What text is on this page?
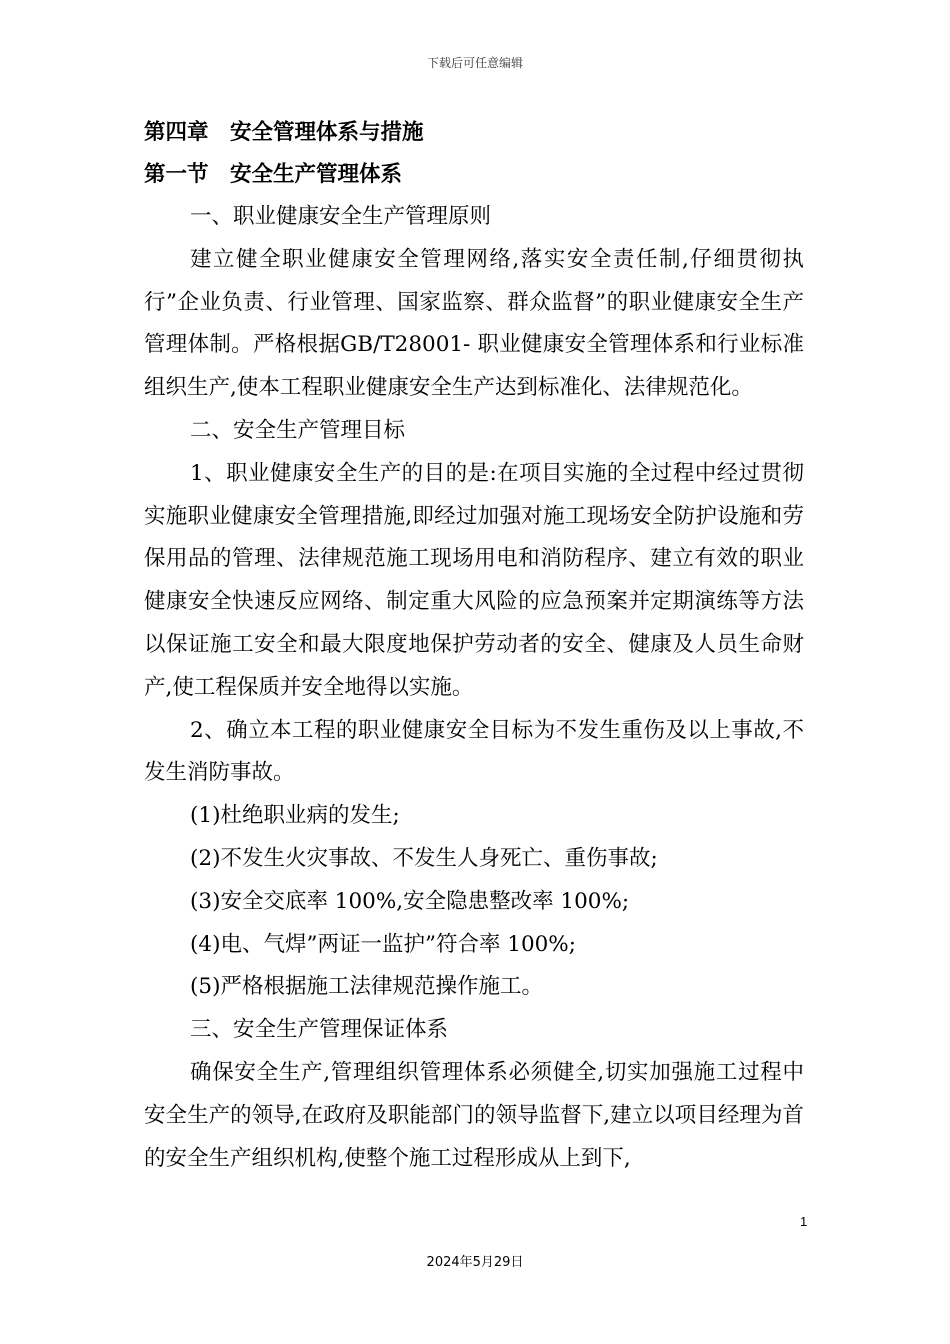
下载后可任意编辑
第四章　安全管理体系与措施
第一节　安全生产管理体系

一、职业健康安全生产管理原则

建立健全职业健康安全管理网络,落实安全责任制,仔细贯彻执行”企业负责、行业管理、国家监察、群众监督”的职业健康安全生产管理体制。严格根据GB/T28001- 职业健康安全管理体系和行业标准组织生产,使本工程职业健康安全生产达到标准化、法律规范化。

二、安全生产管理目标

1、职业健康安全生产的目的是:在项目实施的全过程中经过贯彻实施职业健康安全管理措施,即经过加强对施工现场安全防护设施和劳保用品的管理、法律规范施工现场用电和消防程序、建立有效的职业健康安全快速反应网络、制定重大风险的应急预案并定期演练等方法以保证施工安全和最大限度地保护劳动者的安全、健康及人员生命财产,使工程保质并安全地得以实施。

2、确立本工程的职业健康安全目标为不发生重伤及以上事故,不发生消防事故。

(1)杜绝职业病的发生;

(2)不发生火灾事故、不发生人身死亡、重伤事故;

(3)安全交底率 100%,安全隐患整改率 100%;

(4)电、气焊”两证一监护”符合率 100%;

(5)严格根据施工法律规范操作施工。

三、安全生产管理保证体系

确保安全生产,管理组织管理体系必须健全,切实加强施工过程中安全生产的领导,在政府及职能部门的领导监督下,建立以项目经理为首的安全生产组织机构,使整个施工过程形成从上到下,

1
2024年5月29日
